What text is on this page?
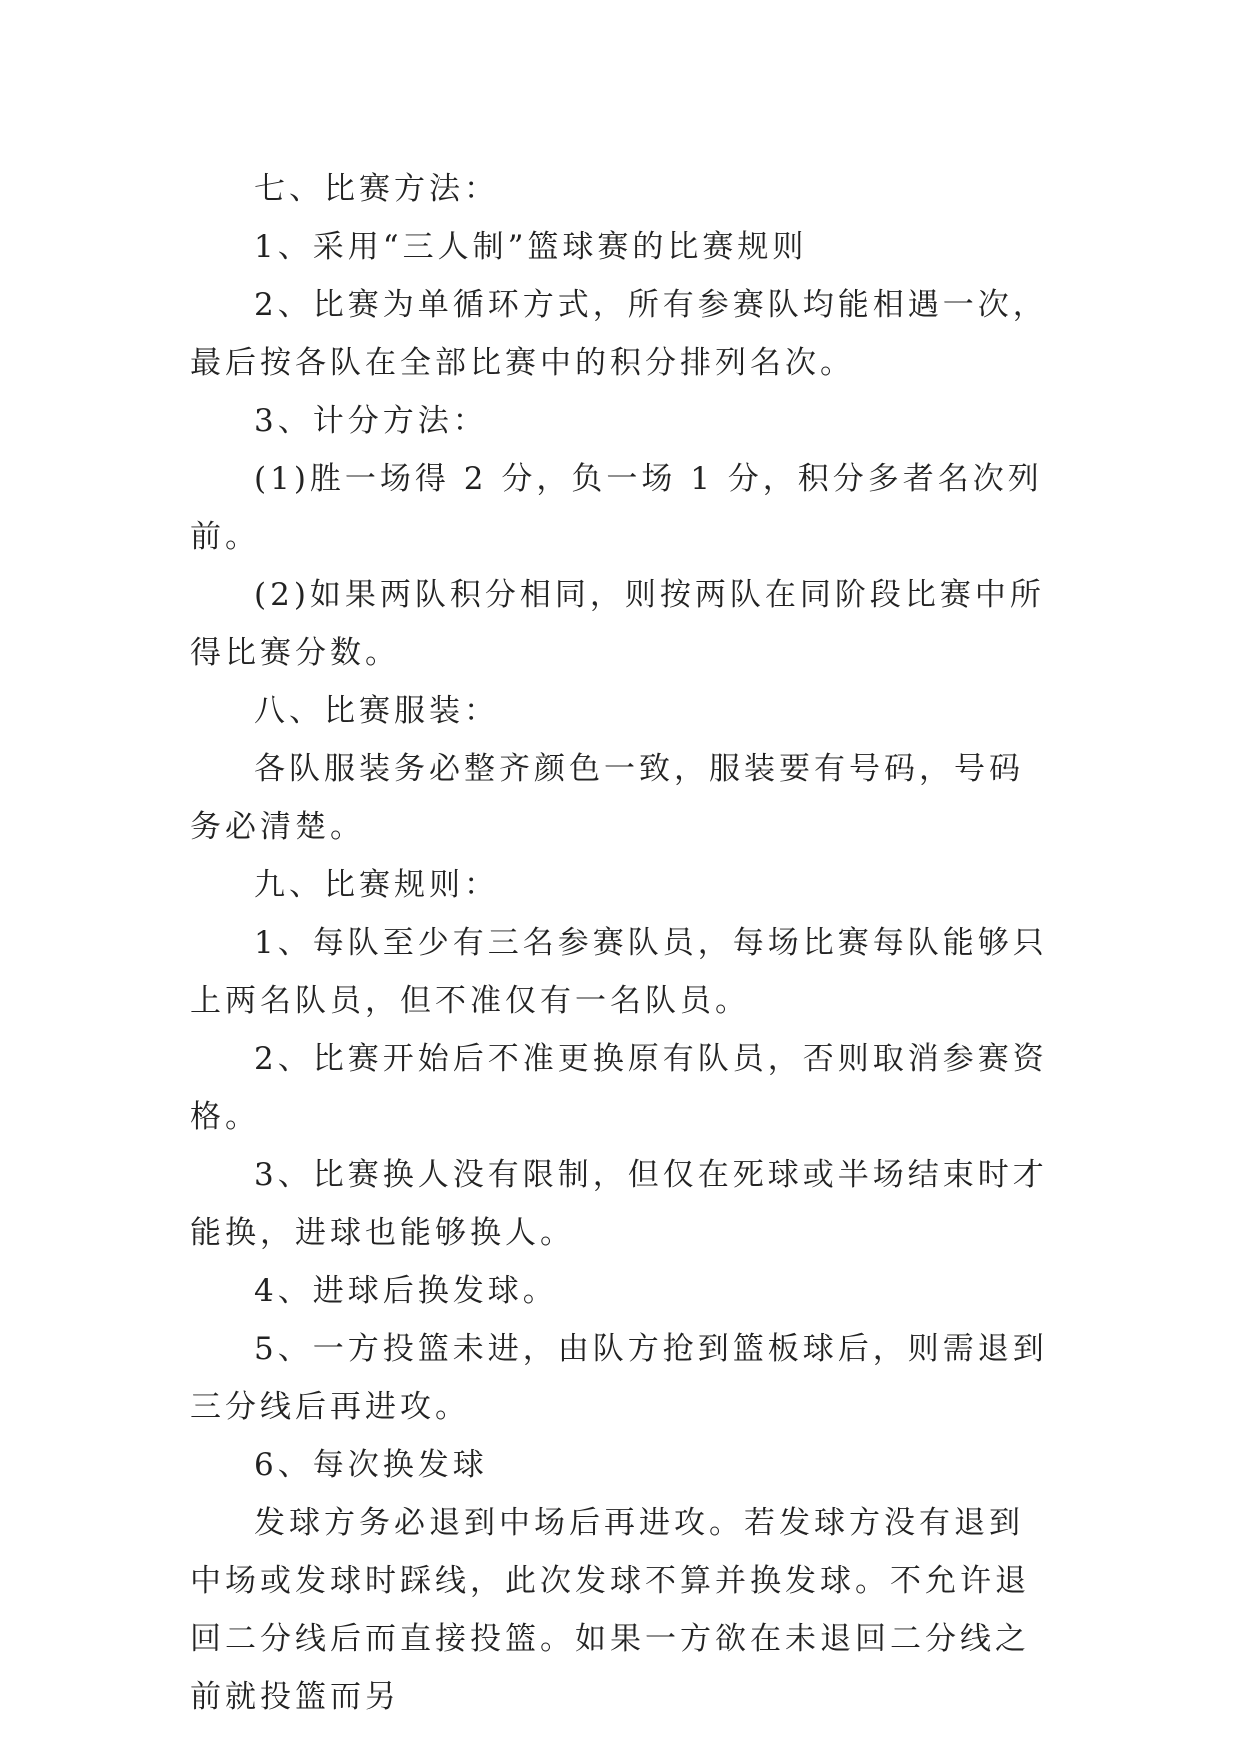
七、比赛方法：

1、采用“三人制”篮球赛的比赛规则

2、比赛为单循环方式，所有参赛队均能相遇一次，最后按各队在全部比赛中的积分排列名次。

3、计分方法：

(1)胜一场得 2 分，负一场 1 分，积分多者名次列前。

(2)如果两队积分相同，则按两队在同阶段比赛中所得比赛分数。

八、比赛服装：

各队服装务必整齐颜色一致，服装要有号码，号码务必清楚。

九、比赛规则：

1、每队至少有三名参赛队员，每场比赛每队能够只上两名队员，但不准仅有一名队员。

2、比赛开始后不准更换原有队员，否则取消参赛资格。

3、比赛换人没有限制，但仅在死球或半场结束时才能换，进球也能够换人。

4、进球后换发球。

5、一方投篮未进，由队方抢到篮板球后，则需退到三分线后再进攻。

6、每次换发球

发球方务必退到中场后再进攻。若发球方没有退到中场或发球时踩线，此次发球不算并换发球。不允许退回二分线后而直接投篮。如果一方欲在未退回二分线之前就投篮而另
